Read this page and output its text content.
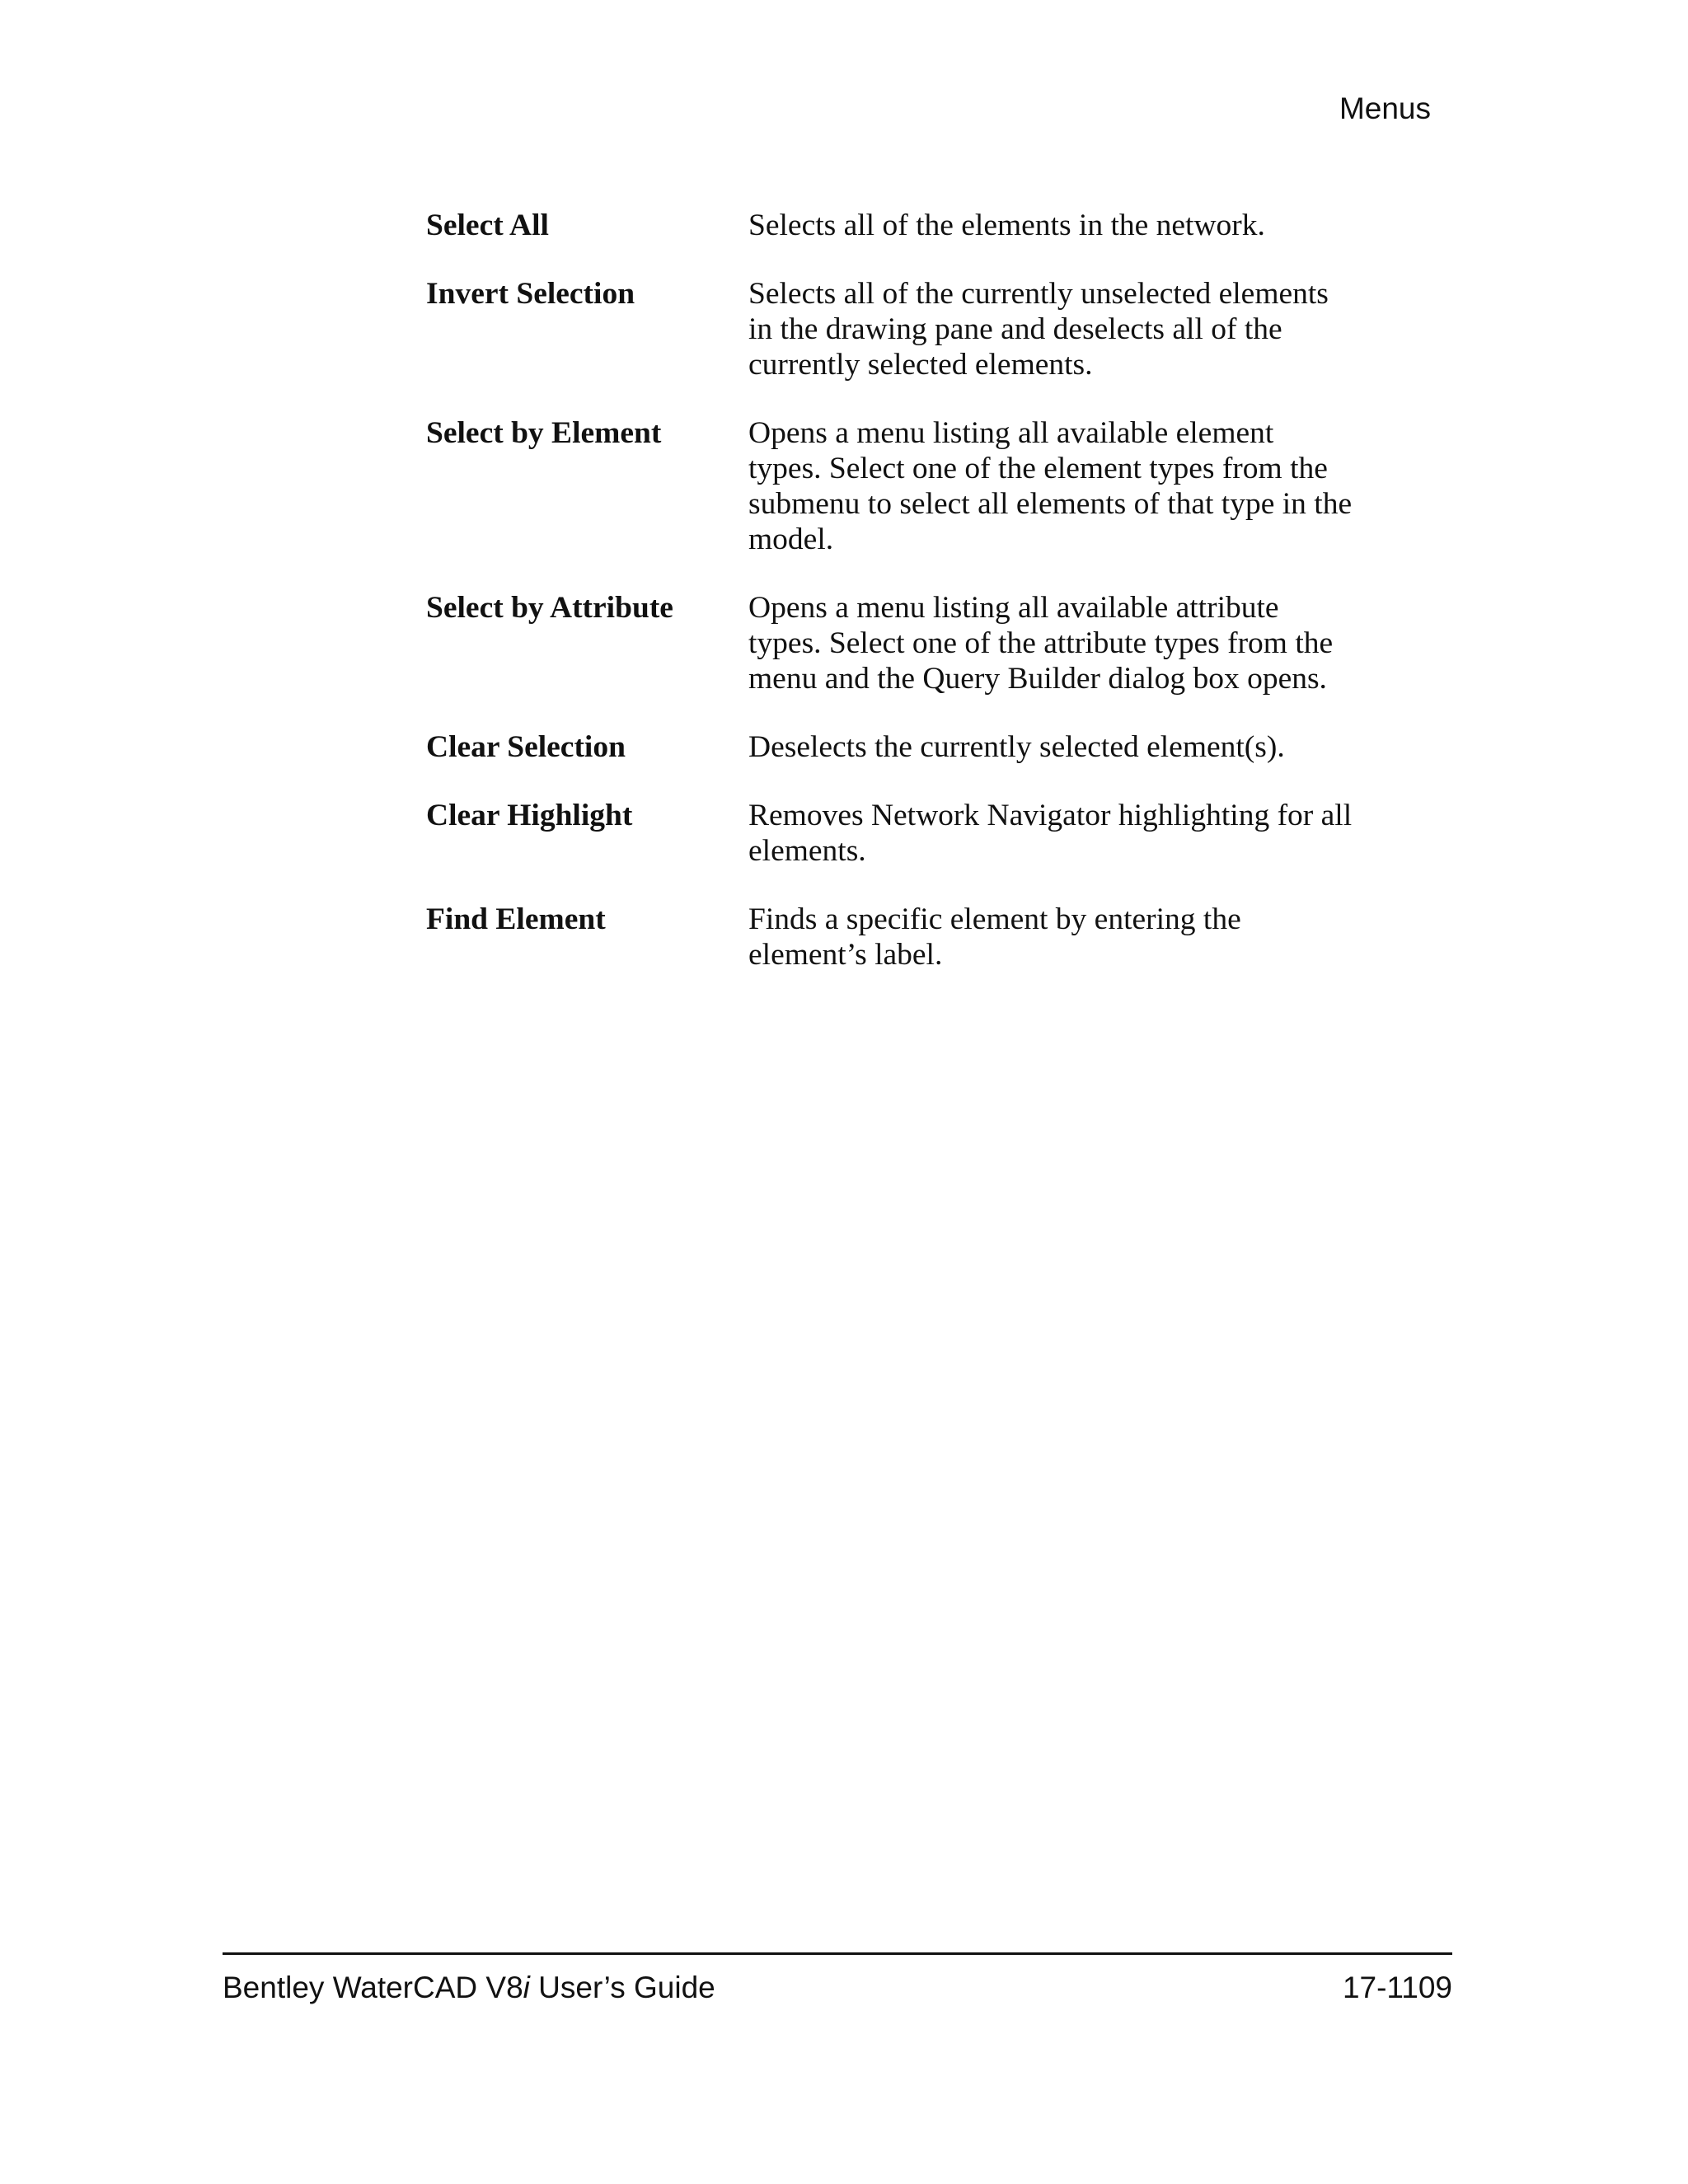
Menus
Select All	Selects all of the elements in the network.
Invert Selection	Selects all of the currently unselected elements in the drawing pane and deselects all of the currently selected elements.
Select by Element	Opens a menu listing all available element types. Select one of the element types from the submenu to select all elements of that type in the model.
Select by Attribute	Opens a menu listing all available attribute types. Select one of the attribute types from the menu and the Query Builder dialog box opens.
Clear Selection	Deselects the currently selected element(s).
Clear Highlight	Removes Network Navigator highlighting for all elements.
Find Element	Finds a specific element by entering the element’s label.
Bentley WaterCAD V8i User’s Guide	17-1109
